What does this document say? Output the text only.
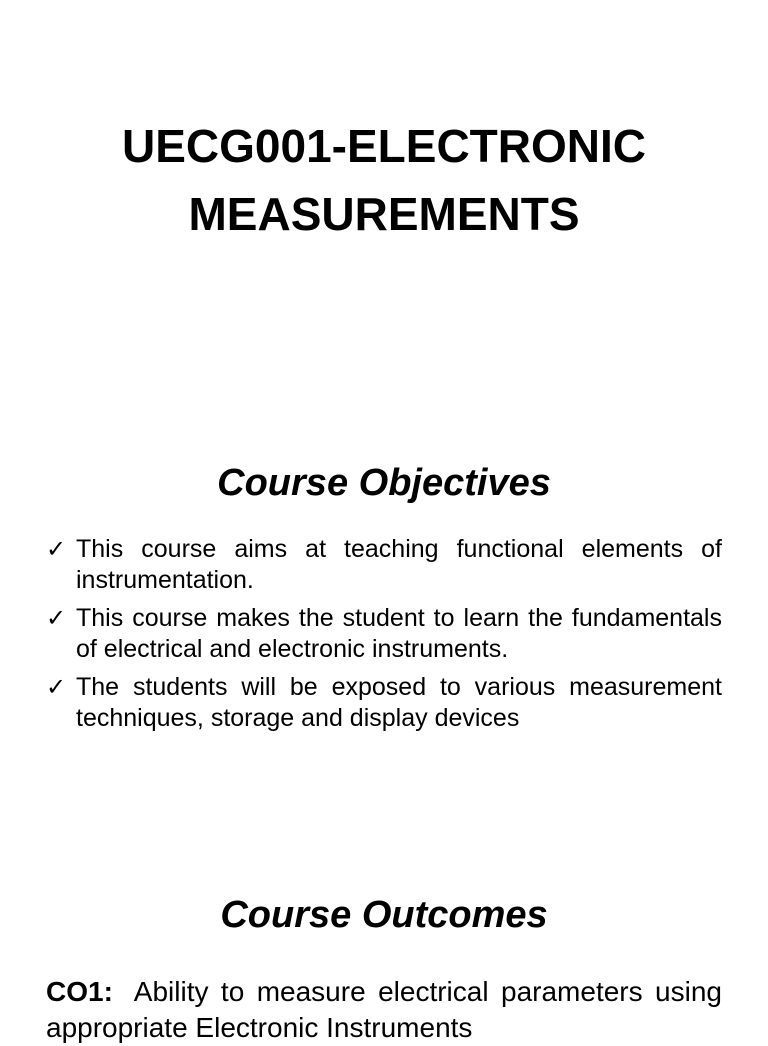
UECG001-ELECTRONIC
MEASUREMENTS
Course Objectives
✓ This course aims at teaching functional elements of instrumentation.
✓ This course makes the student to learn the fundamentals of electrical and electronic instruments.
✓ The students will be exposed to various measurement techniques, storage and display devices
Course Outcomes

CO1: Ability to measure electrical parameters using appropriate Electronic Instruments
